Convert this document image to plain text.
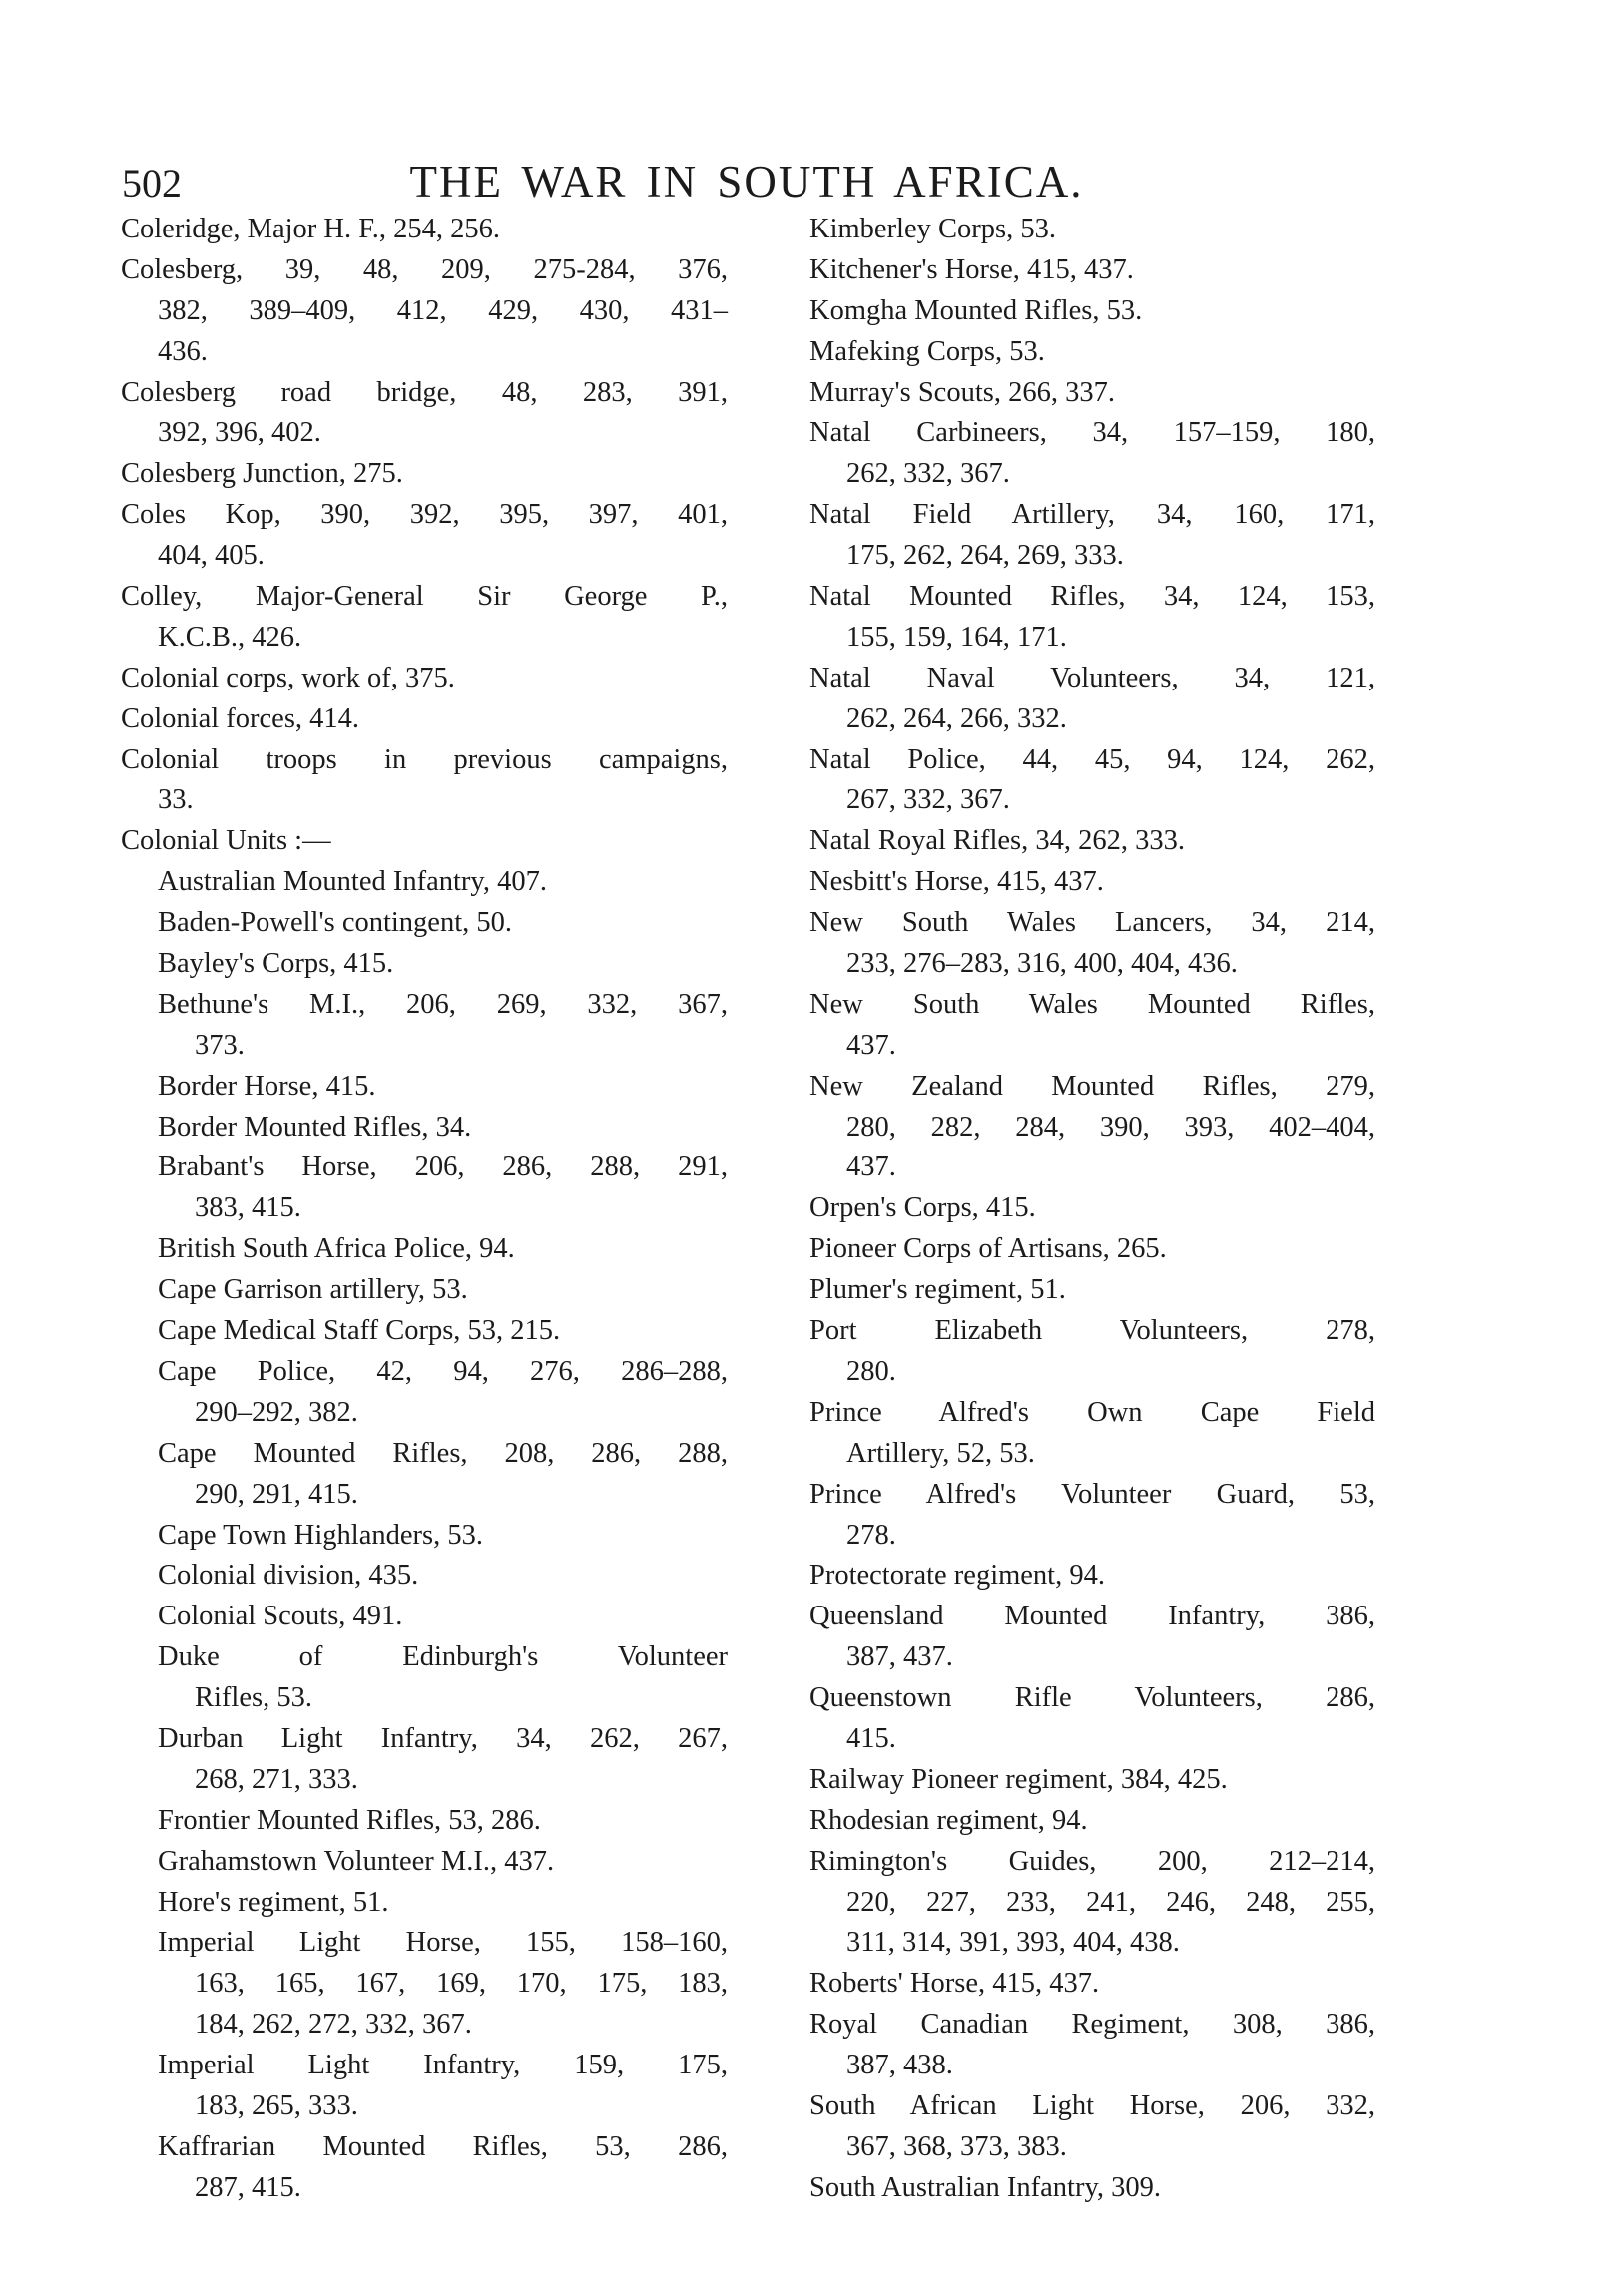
502	THE WAR IN SOUTH AFRICA.
Coleridge, Major H. F., 254, 256.
Colesberg, 39, 48, 209, 275-284, 376,
382, 389–409, 412, 429, 430, 431–
436.
Colesberg road bridge, 48, 283, 391,
392, 396, 402.
Colesberg Junction, 275.
Coles Kop, 390, 392, 395, 397, 401,
404, 405.
Colley, Major-General Sir George P.,
K.C.B., 426.
Colonial corps, work of, 375.
Colonial forces, 414.
Colonial troops in previous campaigns,
33.
Colonial Units :—
Australian Mounted Infantry, 407.
Baden-Powell's contingent, 50.
Bayley's Corps, 415.
Bethune's M.I., 206, 269, 332, 367,
373.
Border Horse, 415.
Border Mounted Rifles, 34.
Brabant's Horse, 206, 286, 288, 291,
383, 415.
British South Africa Police, 94.
Cape Garrison artillery, 53.
Cape Medical Staff Corps, 53, 215.
Cape Police, 42, 94, 276, 286–288,
290–292, 382.
Cape Mounted Rifles, 208, 286, 288,
290, 291, 415.
Cape Town Highlanders, 53.
Colonial division, 435.
Colonial Scouts, 491.
Duke of Edinburgh's Volunteer
Rifles, 53.
Durban Light Infantry, 34, 262, 267,
268, 271, 333.
Frontier Mounted Rifles, 53, 286.
Grahamstown Volunteer M.I., 437.
Hore's regiment, 51.
Imperial Light Horse, 155, 158–160,
163, 165, 167, 169, 170, 175, 183,
184, 262, 272, 332, 367.
Imperial Light Infantry, 159, 175,
183, 265, 333.
Kaffrarian Mounted Rifles, 53, 286,
287, 415.
Kimberley Corps, 53.
Kitchener's Horse, 415, 437.
Komgha Mounted Rifles, 53.
Mafeking Corps, 53.
Murray's Scouts, 266, 337.
Natal Carbineers, 34, 157–159, 180,
262, 332, 367.
Natal Field Artillery, 34, 160, 171,
175, 262, 264, 269, 333.
Natal Mounted Rifles, 34, 124, 153,
155, 159, 164, 171.
Natal Naval Volunteers, 34, 121,
262, 264, 266, 332.
Natal Police, 44, 45, 94, 124, 262,
267, 332, 367.
Natal Royal Rifles, 34, 262, 333.
Nesbitt's Horse, 415, 437.
New South Wales Lancers, 34, 214,
233, 276–283, 316, 400, 404, 436.
New South Wales Mounted Rifles,
437.
New Zealand Mounted Rifles, 279,
280, 282, 284, 390, 393, 402–404,
437.
Orpen's Corps, 415.
Pioneer Corps of Artisans, 265.
Plumer's regiment, 51.
Port Elizabeth Volunteers, 278,
280.
Prince Alfred's Own Cape Field
Artillery, 52, 53.
Prince Alfred's Volunteer Guard, 53,
278.
Protectorate regiment, 94.
Queensland Mounted Infantry, 386,
387, 437.
Queenstown Rifle Volunteers, 286,
415.
Railway Pioneer regiment, 384, 425.
Rhodesian regiment, 94.
Rimington's Guides, 200, 212–214,
220, 227, 233, 241, 246, 248, 255,
311, 314, 391, 393, 404, 438.
Roberts' Horse, 415, 437.
Royal Canadian Regiment, 308, 386,
387, 438.
South African Light Horse, 206, 332,
367, 368, 373, 383.
South Australian Infantry, 309.
